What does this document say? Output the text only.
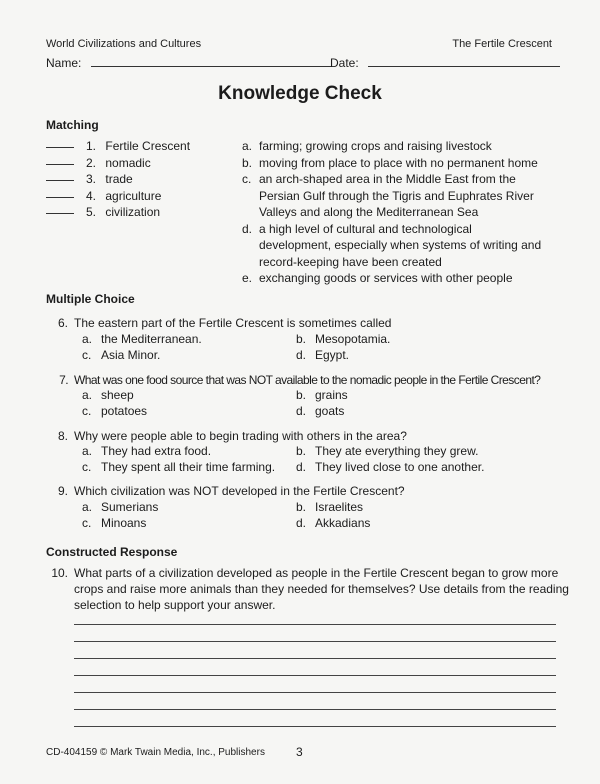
World Civilizations and Cultures	The Fertile Crescent
Name:	Date:
Knowledge Check
Matching
1. Fertile Crescent
2. nomadic
3. trade
4. agriculture
5. civilization
a. farming; growing crops and raising livestock
b. moving from place to place with no permanent home
c. an arch-shaped area in the Middle East from the Persian Gulf through the Tigris and Euphrates River Valleys and along the Mediterranean Sea
d. a high level of cultural and technological development, especially when systems of writing and record-keeping have been created
e. exchanging goods or services with other people
Multiple Choice
6. The eastern part of the Fertile Crescent is sometimes called
a. the Mediterranean.	b. Mesopotamia.
c. Asia Minor.	d. Egypt.
7. What was one food source that was NOT available to the nomadic people in the Fertile Crescent?
a. sheep	b. grains
c. potatoes	d. goats
8. Why were people able to begin trading with others in the area?
a. They had extra food.	b. They ate everything they grew.
c. They spent all their time farming. d. They lived close to one another.
9. Which civilization was NOT developed in the Fertile Crescent?
a. Sumerians	b. Israelites
c. Minoans	d. Akkadians
Constructed Response
10. What parts of a civilization developed as people in the Fertile Crescent began to grow more
crops and raise more animals than they needed for themselves? Use details from the reading
selection to help support your answer.
CD-404159 © Mark Twain Media, Inc., Publishers	3
